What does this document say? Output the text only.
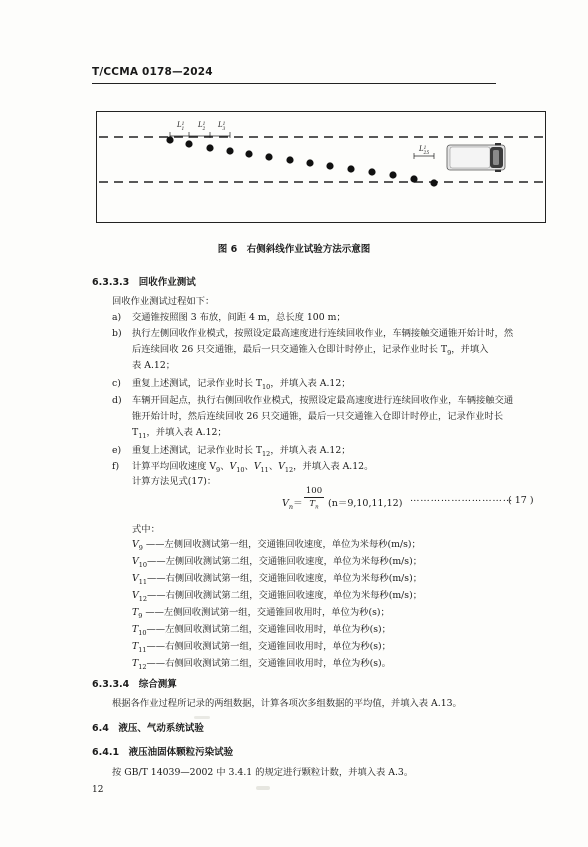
T/CCMA 0178—2024
$L^1$ 1
$L^1$ 2
$L^1$ 3
$L^1$ 25
图 6　右侧斜线作业试验方法示意图
6.3.3.3　 回收作业测试
回收作业测试过程如下：
a) 交通锥按照图 3 布放，间距 4 m，总长度 100 m；
b) 执行左侧回收作业模式，按照设定最高速度进行连续回收作业，车辆接触交通锥开始计时，然
后连续回收 26 只交通锥，最后一只交通锥入仓即计时停止，记录作业时长 $T_9$，并填入
表 A.12；
c) 重复上述测试，记录作业时长 $T_{10}$，并填入表 A.12；
d) 车辆开回起点，执行右侧回收作业模式，按照设定最高速度进行连续回收作业，车辆接触交通
锥开始计时，然后连续回收 26 只交通锥，最后一只交通锥入仓即计时停止，记录作业时长
$T_{11}$，并填入表 A.12；
e) 重复上述测试，记录作业时长 $T_{12}$，并填入表 A.12；
f) 计算平均回收速度 $V_9$、$V_{10}$、$V_{11}$、$V_{12}$，并填入表 A.12。
计算方法见式(17)：
$V_n=$
100
$T_n$ (n＝9,10,11,12) …………………………
( 17 )
式中：
$V_9$ ——左侧回收测试第一组，交通锥回收速度，单位为米每秒(m/s)；
$V_{10}——$左侧回收测试第二组，交通锥回收速度，单位为米每秒(m/s)；
$V_{11}——$右侧回收测试第一组，交通锥回收速度，单位为米每秒(m/s)；
$V_{12}——$右侧回收测试第二组，交通锥回收速度，单位为米每秒(m/s)；
$T_9$ ——左侧回收测试第一组，交通锥回收用时，单位为秒(s)；
$T_{10}——$左侧回收测试第二组，交通锥回收用时，单位为秒(s)；
$T_{11}——$右侧回收测试第一组，交通锥回收用时，单位为秒(s)；
$T_{12}——$右侧回收测试第二组，交通锥回收用时，单位为秒(s)。
6.3.3.4　 综合测算
根据各作业过程所记录的两组数据，计算各项次多组数据的平均值，并填入表 A.13。
6.4　 液压、气动系统试验
6.4.1　 液压油固体颗粒污染试验
按 GB/T 14039—2002 中 3.4.1 的规定进行颗粒计数，并填入表 A.3。
12
